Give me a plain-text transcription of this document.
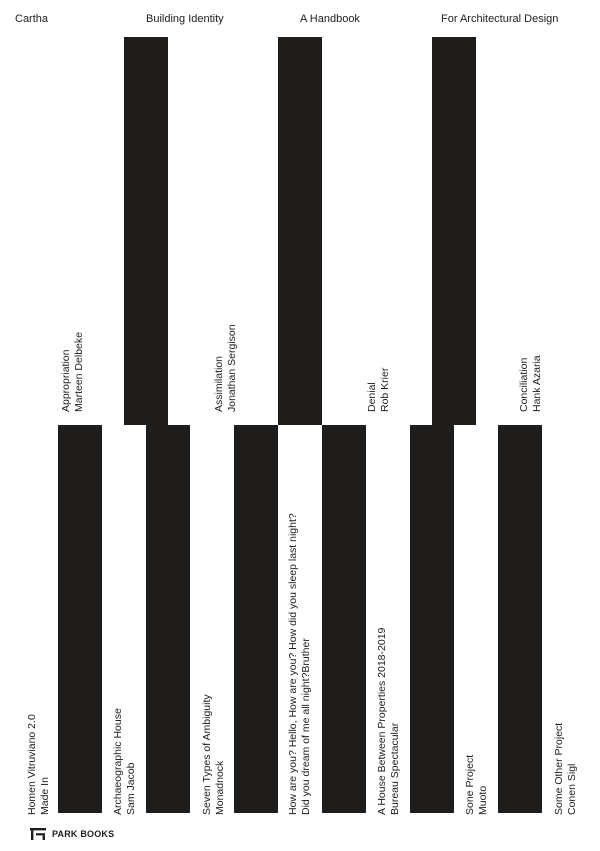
Cartha	Building Identity	A Handbook	For Architectural Design
Appropriation Marteen Delbeke	Assimilation Jonathan Sergison	Denial Rob Krier	Conciliation Hank Azaria
Homen Vitruviano 2.0 Made In	Archaeographic House Sam Jacob	Seven Types of Ambiguity Monadnock	How are you? Hello, How are you? How did you sleep last night? Did you dream of me all night?Bruther	A House Between Properties 2018-2019 Bureau Spectacular	Sone Project Muoto	Some Other Project Conen Sigl
PARK BOOKS
